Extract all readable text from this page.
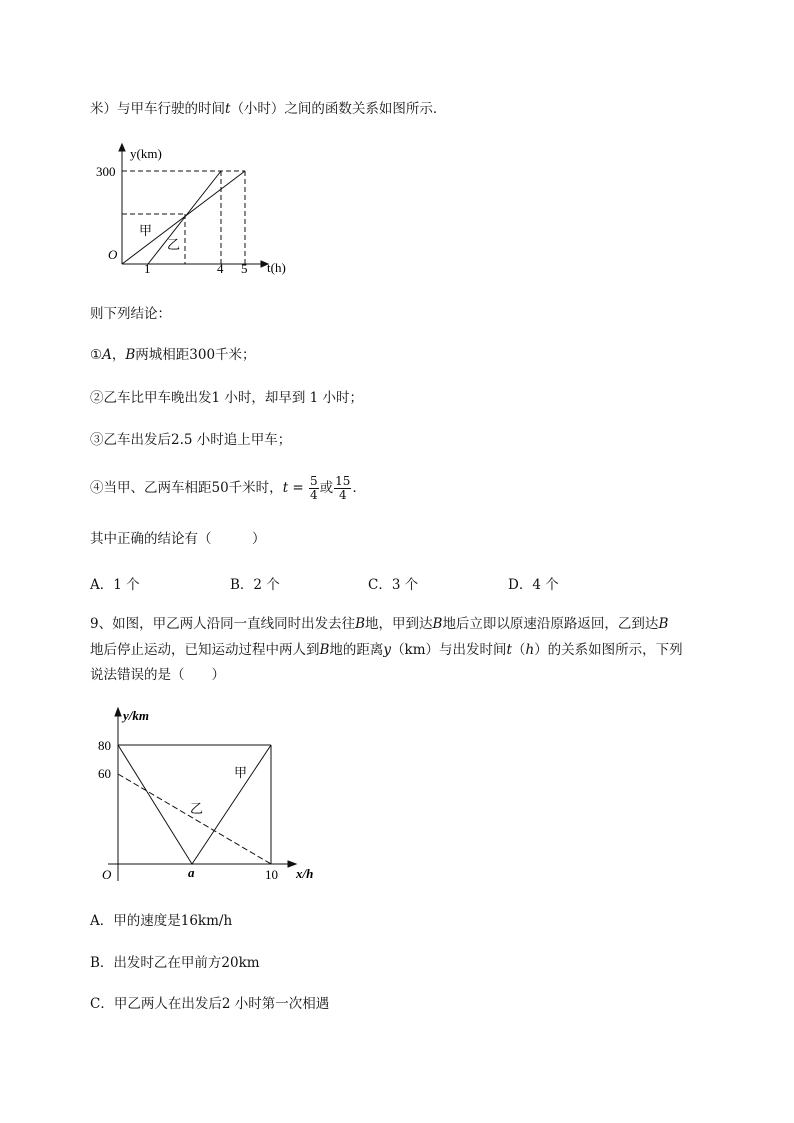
米）与甲车行驶的时间t（小时）之间的函数关系如图所示．
y(km)
t(h)
O
300
1	4 5
甲
乙
则下列结论：
①A，B两城相距300千米；
②乙车比甲车晚出发1 小时，却早到 1 小时；
③乙车出发后2.5 小时追上甲车；
④当甲、乙两车相距50千米时，$t = \frac{5}{4}$ 或 $\frac{15}{4}$ ．
其中正确的结论有（　　　）
A．1 个	B．2 个	C．3 个	D．4 个
9、如图，甲乙两人沿同一直线同时出发去往B地，甲到达B地后立即以原速沿原路返回，乙到达B
地后停止运动，已知运动过程中两人到B地的距离y（km）与出发时间t（h）的关系如图所示，下列
说法错误的是（　　）
y/km
x/h
O
80
60
a	10
甲
乙
A．甲的速度是16km/h
B．出发时乙在甲前方20km
C．甲乙两人在出发后2 小时第一次相遇
